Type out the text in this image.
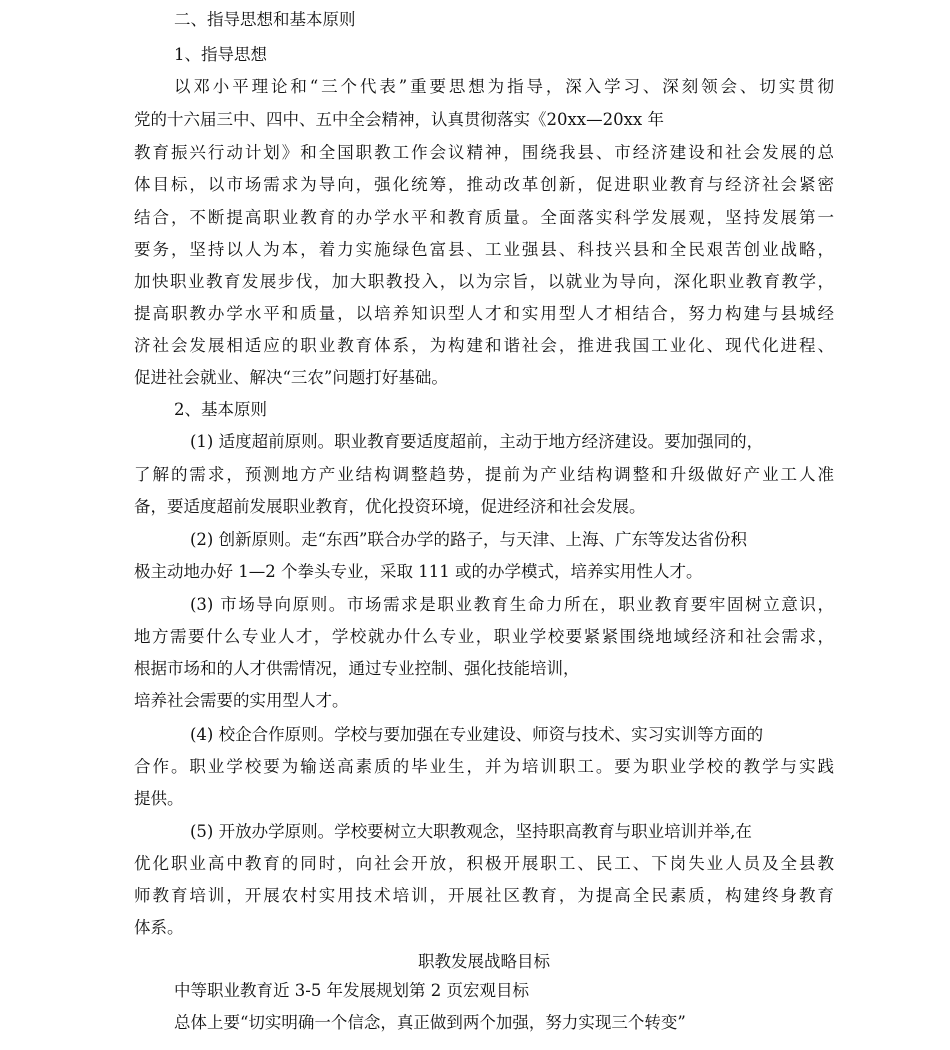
二、指导思想和基本原则
1、指导思想
以邓小平理论和“三个代表”重要思想为指导，深入学习、深刻领会、切实贯彻
党的十六届三中、四中、五中全会精神，认真贯彻落实《20xx—20xx 年
教育振兴行动计划》和全国职教工作会议精神，围绕我县、市经济建设和社会发展的总
体目标，以市场需求为导向，强化统筹，推动改革创新，促进职业教育与经济社会紧密
结合，不断提高职业教育的办学水平和教育质量。全面落实科学发展观，坚持发展第一
要务，坚持以人为本，着力实施绿色富县、工业强县、科技兴县和全民艰苦创业战略，
加快职业教育发展步伐，加大职教投入，以为宗旨，以就业为导向，深化职业教育教学，
提高职教办学水平和质量，以培养知识型人才和实用型人才相结合，努力构建与县城经
济社会发展相适应的职业教育体系，为构建和谐社会，推进我国工业化、现代化进程、
促进社会就业、解决“三农”问题打好基础。
2、基本原则
(1) 适度超前原则。职业教育要适度超前，主动于地方经济建设。要加强同的，
了解的需求，预测地方产业结构调整趋势，提前为产业结构调整和升级做好产业工人准
备，要适度超前发展职业教育，优化投资环境，促进经济和社会发展。
(2) 创新原则。走“东西”联合办学的路子，与天津、上海、广东等发达省份积
极主动地办好 1—2 个拳头专业，采取 111 或的办学模式，培养实用性人才。
(3) 市场导向原则。市场需求是职业教育生命力所在，职业教育要牢固树立意识，
地方需要什么专业人才，学校就办什么专业，职业学校要紧紧围绕地域经济和社会需求，
根据市场和的人才供需情况，通过专业控制、强化技能培训，
培养社会需要的实用型人才。
(4) 校企合作原则。学校与要加强在专业建设、师资与技术、实习实训等方面的
合作。职业学校要为输送高素质的毕业生，并为培训职工。要为职业学校的教学与实践
提供。
(5) 开放办学原则。学校要树立大职教观念，坚持职高教育与职业培训并举,在
优化职业高中教育的同时，向社会开放，积极开展职工、民工、下岗失业人员及全县教
师教育培训，开展农村实用技术培训，开展社区教育，为提高全民素质，构建终身教育
体系。
职教发展战略目标
中等职业教育近 3-5 年发展规划第 2 页宏观目标
总体上要“切实明确一个信念，真正做到两个加强，努力实现三个转变”
